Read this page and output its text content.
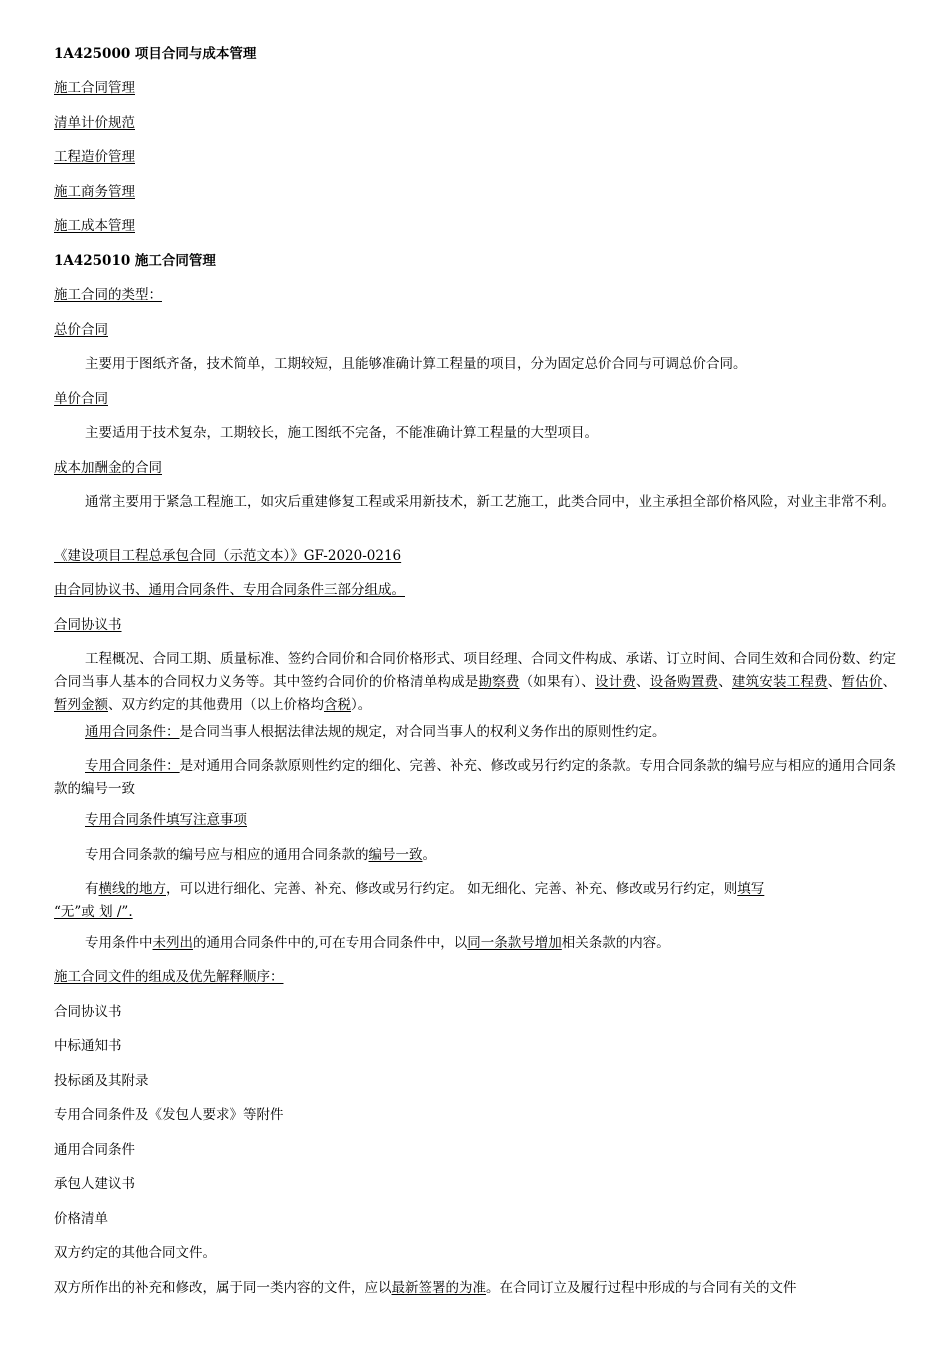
1A425000 项目合同与成本管理
施工合同管理
清单计价规范
工程造价管理
施工商务管理
施工成本管理
1A425010 施工合同管理
施工合同的类型：
总价合同
主要用于图纸齐备，技术简单，工期较短，且能够准确计算工程量的项目，分为固定总价合同与可调总价合同。
单价合同
主要适用于技术复杂，工期较长，施工图纸不完备，不能准确计算工程量的大型项目。
成本加酬金的合同
通常主要用于紧急工程施工，如灾后重建修复工程或采用新技术，新工艺施工，此类合同中，业主承担全部价格风险，对业主非常不利。
《建设项目工程总承包合同（示范文本）》GF-2020-0216
由合同协议书、通用合同条件、专用合同条件三部分组成。
合同协议书
工程概况、合同工期、质量标准、签约合同价和合同价格形式、项目经理、合同文件构成、承诺、订立时间、合同生效和合同份数、约定合同当事人基本的合同权力义务等。其中签约合同价的价格清单构成是勘察费（如果有）、设计费、设备购置费、建筑安装工程费、暂估价、 暂列金额、双方约定的其他费用（以上价格均含税）。
通用合同条件：是合同当事人根据法律法规的规定，对合同当事人的权利义务作出的原则性约定。
专用合同条件：是对通用合同条款原则性约定的细化、完善、补充、修改或另行约定的条款。专用合同条款的编号应与相应的通用合同条款的编号一致
专用合同条件填写注意事项
专用合同条款的编号应与相应的通用合同条款的编号一致。
有横线的地方，可以进行细化、完善、补充、修改或另行约定。 如无细化、完善、补充、修改或另行约定，则填写
“无”或 划 /”.
专用条件中未列出的通用合同条件中的,可在专用合同条件中，以同一条款号增加相关条款的内容。
施工合同文件的组成及优先解释顺序：
合同协议书
中标通知书
投标函及其附录
专用合同条件及《发包人要求》等附件
通用合同条件
承包人建议书
价格清单
双方约定的其他合同文件。
双方所作出的补充和修改，属于同一类内容的文件，应以最新签署的为准。在合同订立及履行过程中形成的与合同有关的文件
